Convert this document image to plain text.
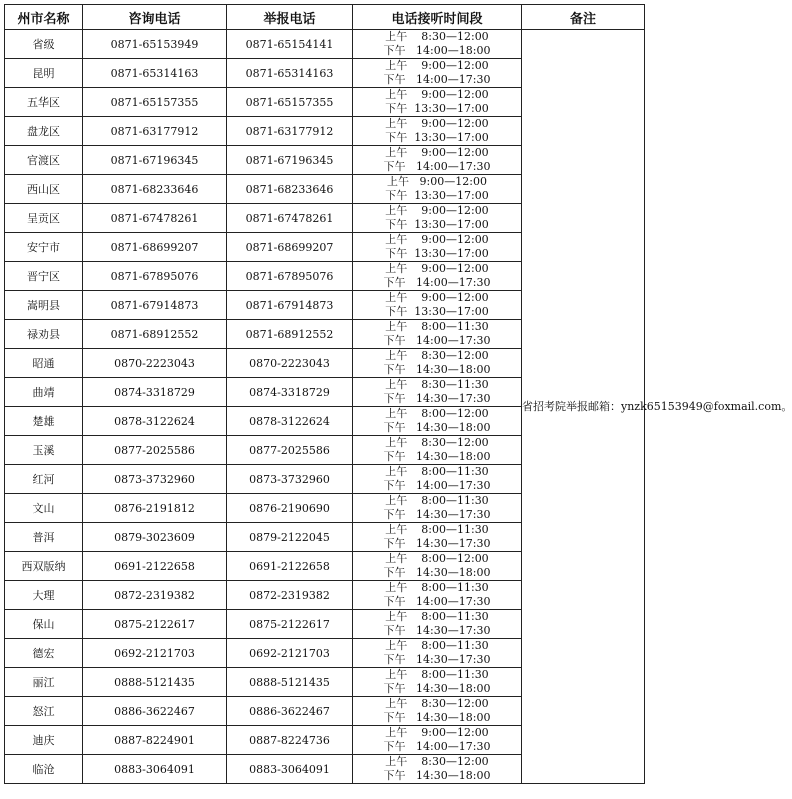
州市名称	咨询电话	举报电话	电话接听时间段	备注
省级	0871-65153949	0871-65154141	上午    8:30—12:00
下午   14:00—18:00	省招考院举报邮箱：ynzk65153949@foxmail.com。
昆明	0871-65314163	0871-65314163	上午    9:00—12:00
下午   14:00—17:30	

五华区	0871-65157355	0871-65157355	上午    9:00—12:00
下午  13:30—17:00	

盘龙区	0871-63177912	0871-63177912	上午    9:00—12:00
下午  13:30—17:00	

官渡区	0871-67196345	0871-67196345	上午    9:00—12:00
下午   14:00—17:30	

西山区	0871-68233646	0871-68233646	上午   9:00—12:00
下午  13:30—17:00	

呈贡区	0871-67478261	0871-67478261	上午    9:00—12:00
下午  13:30—17:00	

安宁市	0871-68699207	0871-68699207	上午    9:00—12:00
下午  13:30—17:00	

晋宁区	0871-67895076	0871-67895076	上午    9:00—12:00
下午   14:00—17:30	

嵩明县	0871-67914873	0871-67914873	上午    9:00—12:00
下午  13:30—17:00	

禄劝县	0871-68912552	0871-68912552	上午    8:00—11:30
下午   14:00—17:30	

昭通	0870-2223043	0870-2223043	上午    8:30—12:00
下午   14:30—18:00	

曲靖	0874-3318729	0874-3318729	上午    8:30—11:30
下午   14:30—17:30	

楚雄	0878-3122624	0878-3122624	上午    8:00—12:00
下午   14:30—18:00	

玉溪	0877-2025586	0877-2025586	上午    8:30—12:00
下午   14:30—18:00	

红河	0873-3732960	0873-3732960	上午    8:00—11:30
下午   14:00—17:30	

文山	0876-2191812	0876-2190690	上午    8:00—11:30
下午   14:30—17:30	

普洱	0879-3023609	0879-2122045	上午    8:00—11:30
下午   14:30—17:30	

西双版纳	0691-2122658	0691-2122658	上午    8:00—12:00
下午   14:30—18:00	

大理	0872-2319382	0872-2319382	上午    8:00—11:30
下午   14:00—17:30	

保山	0875-2122617	0875-2122617	上午    8:00—11:30
下午   14:30—17:30	

德宏	0692-2121703	0692-2121703	上午    8:00—11:30
下午   14:30—17:30	

丽江	0888-5121435	0888-5121435	上午    8:00—11:30
下午   14:30—18:00	

怒江	0886-3622467	0886-3622467	上午    8:30—12:00
下午   14:30—18:00	

迪庆	0887-8224901	0887-8224736	上午    9:00—12:00
下午   14:00—17:30	

临沧	0883-3064091	0883-3064091	上午    8:30—12:00
下午   14:30—18:00	
